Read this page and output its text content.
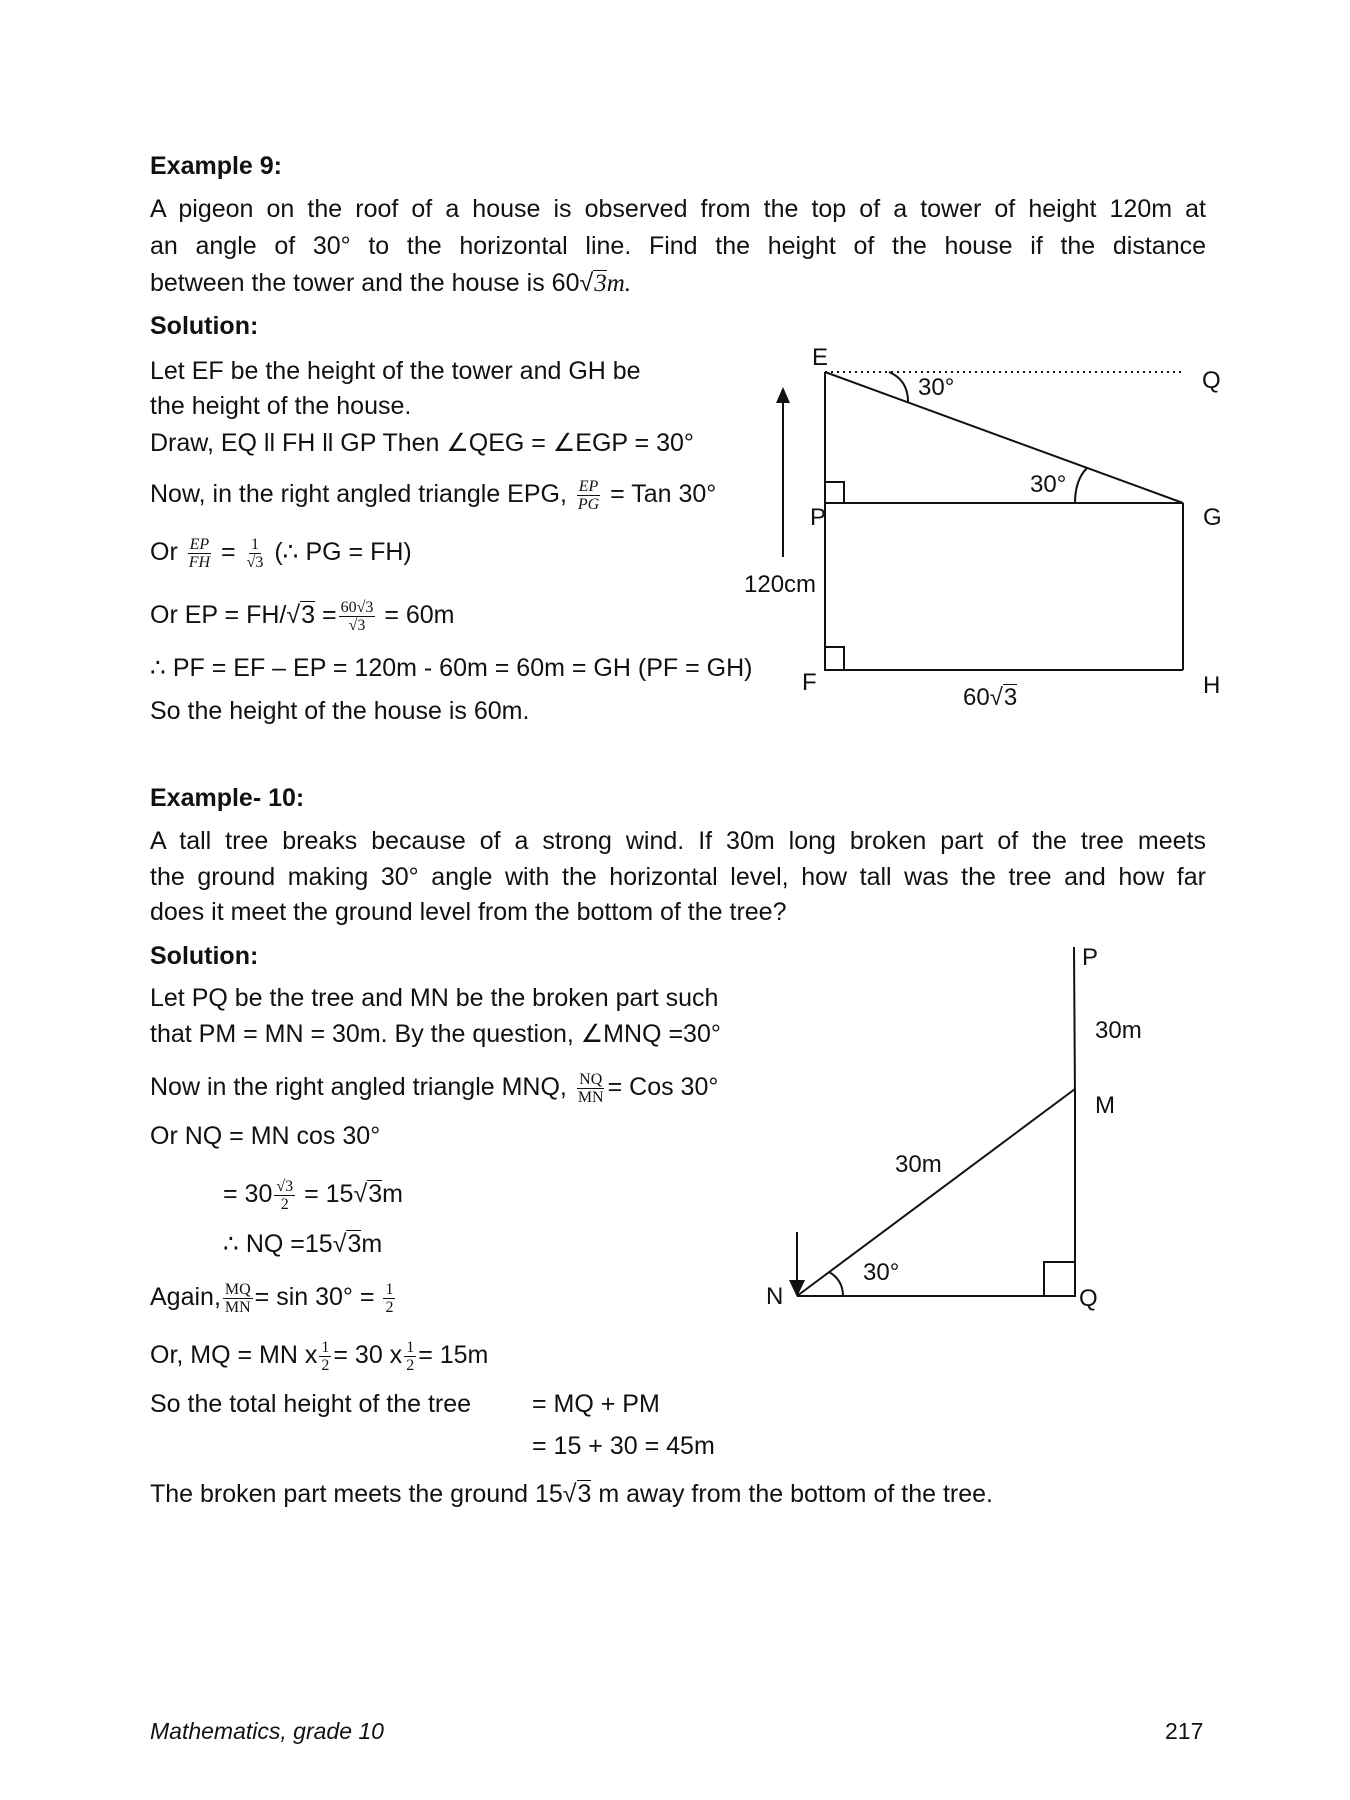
Example 9:
A pigeon on the roof of a house is observed from the top of a tower of height 120m at
an angle of 30° to the horizontal line. Find the height of the house if the distance
between the tower and the house is 60√3m.
Solution:
Let EF be the height of the tower and GH be
the height of the house.
Draw, EQ ll FH ll GP Then ∠QEG = ∠EGP = 30°
Now, in the right angled triangle EPG, $\frac{EP}{PG}$ = Tan 30°
Or $\frac{EP}{FH} = \frac{1}{√3}$ (∴ PG = FH)
Or EP = $FH/√3 = \frac{60√3}{√3} = 60m$
∴ PF = EF – EP = 120m - 60m = 60m = GH (PF = GH)
So the height of the house is 60m.
E
Q
30°
30°
P	G
120cm
F	H
60√3
Example- 10:
A tall tree breaks because of a strong wind. If 30m long broken part of the tree meets
the ground making 30° angle with the horizontal level, how tall was the tree and how far
does it meet the ground level from the bottom of the tree?
Solution:
Let PQ be the tree and MN be the broken part such
that PM = MN = 30m. By the question, ∠MNQ =30°
Now in the right angled triangle MNQ, $\frac{NQ}{MN}$ = Cos 30°
Or NQ = MN cos 30°
= $30 \frac{√3}{2} = 15√3m$
∴ NQ =15√3m
Again, $\frac{MQ}{MN} = \sin 30^\circ = \frac{1}{2}$
Or, MQ = MN x $\frac{1}{2} = 30$ x $\frac{1}{2} = 15m$
So the total height of the tree = MQ + PM
= 15 + 30 = 45m
The broken part meets the ground 15√3 m away from the bottom of the tree.
P
30m
M
30m
30°
N	Q
Mathematics, grade 10	217
